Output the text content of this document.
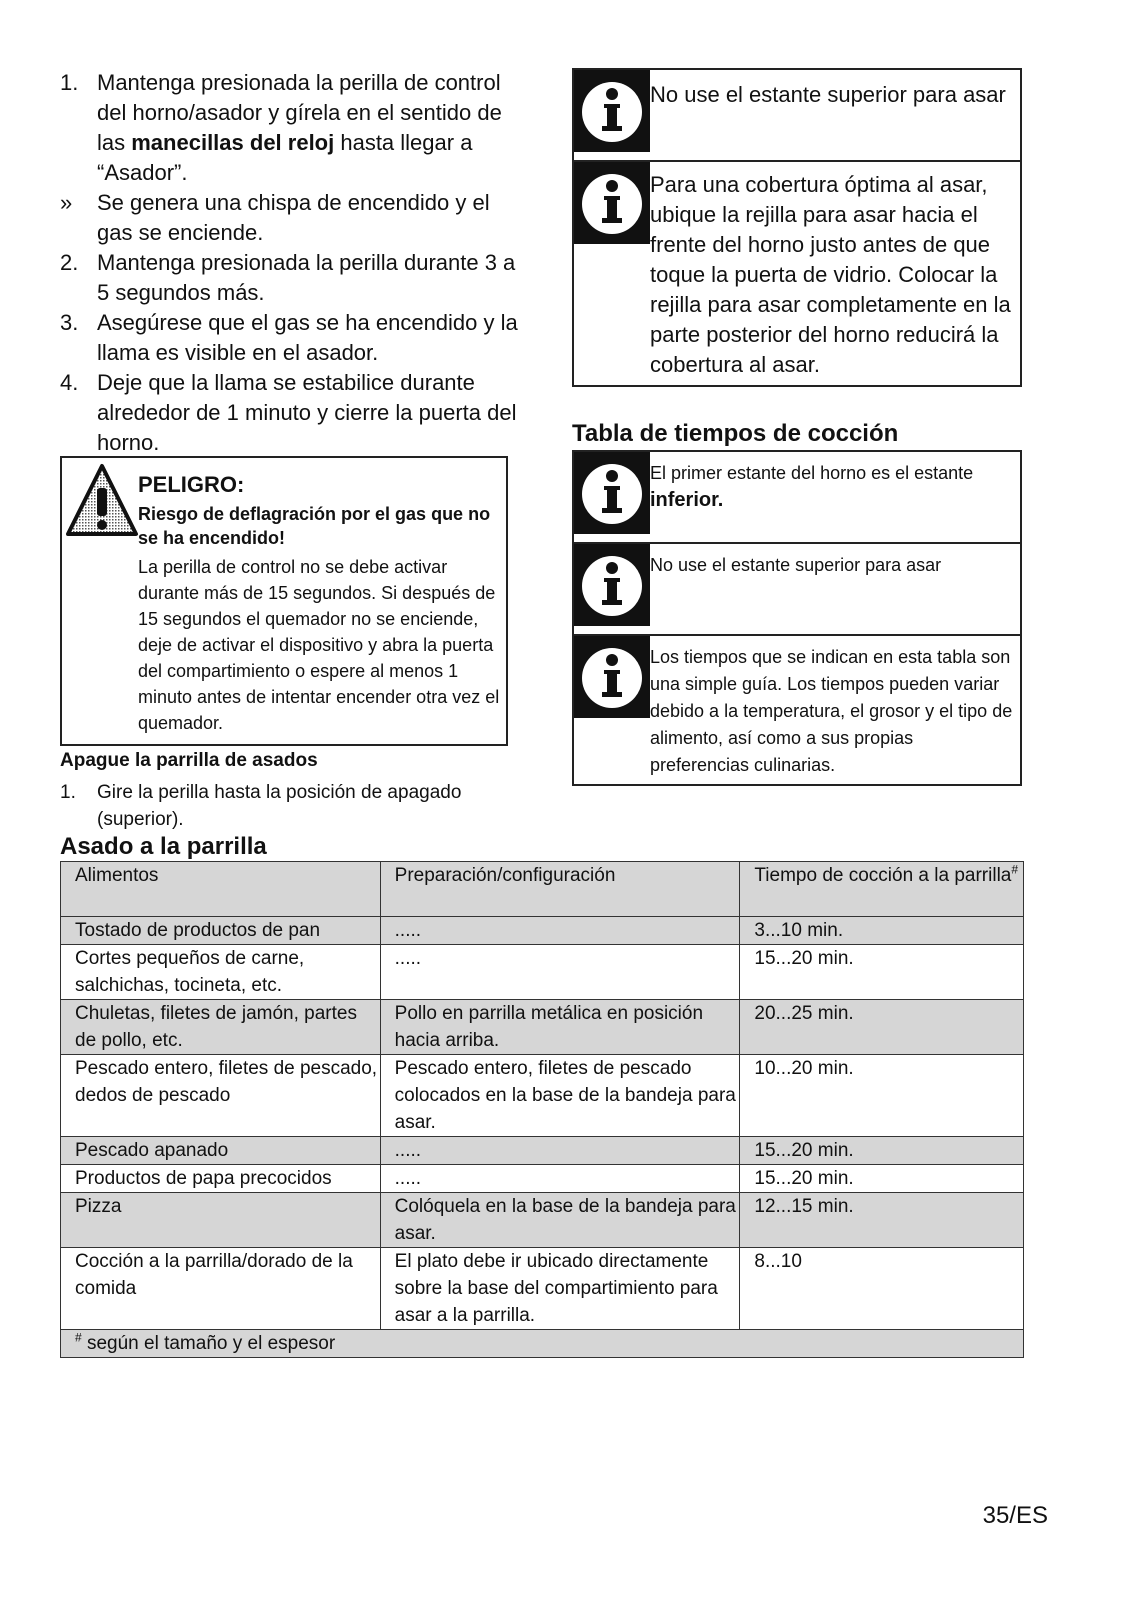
1. Mantenga presionada la perilla de control del horno/asador y gírela en el sentido de las manecillas del reloj hasta llegar a “Asador”.
»	Se genera una chispa de encendido y el gas se enciende.
2. Mantenga presionada la perilla durante 3 a 5 segundos más.
3. Asegúrese que el gas se ha encendido y la llama es visible en el asador.
4. Deje que la llama se estabilice durante alrededor de 1 minuto y cierre la puerta del horno.
PELIGRO:
Riesgo de deflagración por el gas que no se ha encendido!
La perilla de control no se debe activar durante más de 15 segundos. Si después de 15 segundos el quemador no se enciende, deje de activar el dispositivo y abra la puerta del compartimiento o espere al menos 1 minuto antes de intentar encender otra vez el quemador.
Apague la parrilla de asados
1.	Gire la perilla hasta la posición de apagado (superior).
Asado a la parrilla
No use el estante superior para asar
Para una cobertura óptima al asar, ubique la rejilla para asar hacia el frente del horno justo antes de que toque la puerta de vidrio. Colocar la rejilla para asar completamente en la parte posterior del horno reducirá la cobertura al asar.
Tabla de tiempos de cocción
El primer estante del horno es el estante inferior.
No use el estante superior para asar
Los tiempos que se indican en esta tabla son una simple guía. Los tiempos pueden variar debido a la temperatura, el grosor y el tipo de alimento, así como a sus propias preferencias culinarias.
Alimentos	Preparación/configuración	Tiempo de cocción a la parrilla#
Tostado de productos de pan	.....	3...10 min.
Cortes pequeños de carne, salchichas, tocineta, etc.	.....	15...20 min.
Chuletas, filetes de jamón, partes de pollo, etc.	Pollo en parrilla metálica en posición hacia arriba.	20...25 min.
Pescado entero, filetes de pescado, dedos de pescado	Pescado entero, filetes de pescado colocados en la base de la bandeja para asar.	10...20 min.
Pescado apanado	.....	15...20 min.
Productos de papa precocidos	.....	15...20 min.
Pizza	Colóquela en la base de la bandeja para asar.	12...15 min.
Cocción a la parrilla/dorado de la comida	El plato debe ir ubicado directamente sobre la base del compartimiento para asar a la parrilla.	8...10
# según el tamaño y el espesor		
35/ES
